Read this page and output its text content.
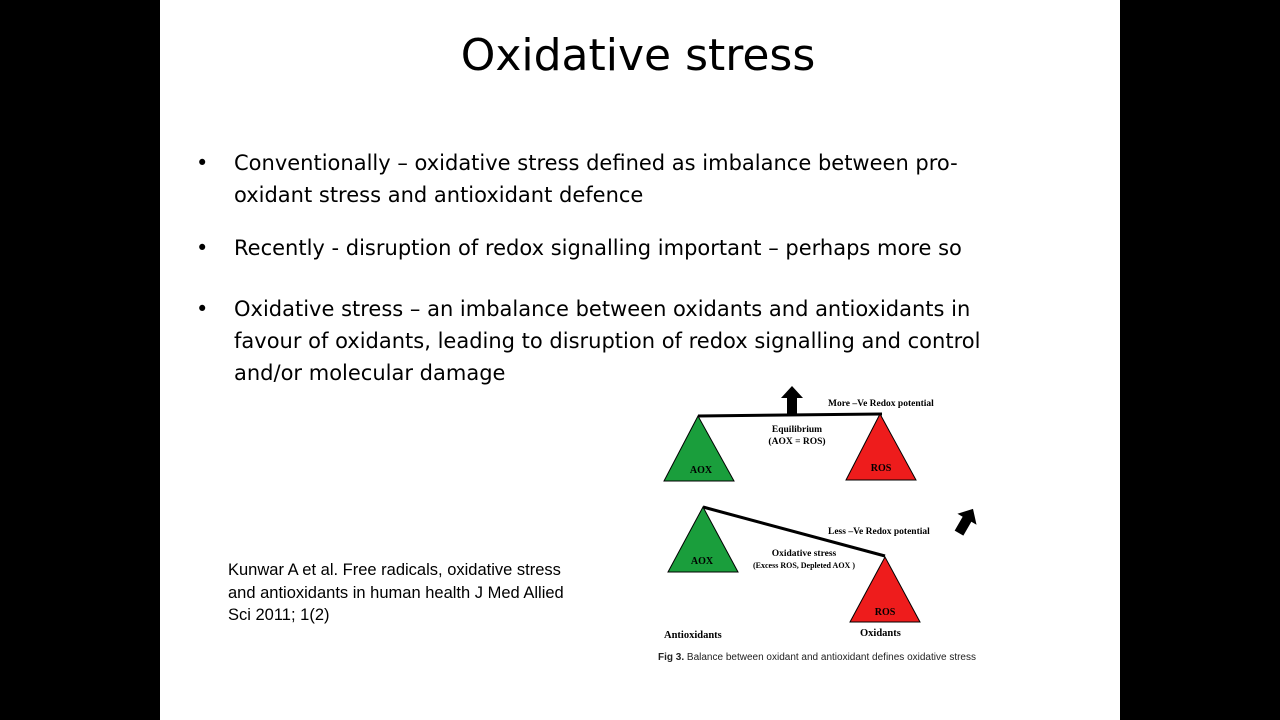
Oxidative stress
• Conventionally – oxidative stress defined as imbalance between pro-oxidant stress and antioxidant defence
• Recently - disruption of redox signalling important – perhaps more so
• Oxidative stress – an imbalance between oxidants and antioxidants in favour of oxidants, leading to disruption of redox signalling and control and/or molecular damage
Kunwar A et al. Free radicals, oxidative stress and antioxidants in human health J Med Allied Sci 2011; 1(2)
AOX	ROS
Equilibrium
(AOX = ROS)
More –Ve Redox potential
AOX
ROS
Oxidative stress
(Excess ROS, Depleted AOX )
Less –Ve Redox potential
Antioxidants	Oxidants
Fig 3. Balance between oxidant and antioxidant defines oxidative stress
